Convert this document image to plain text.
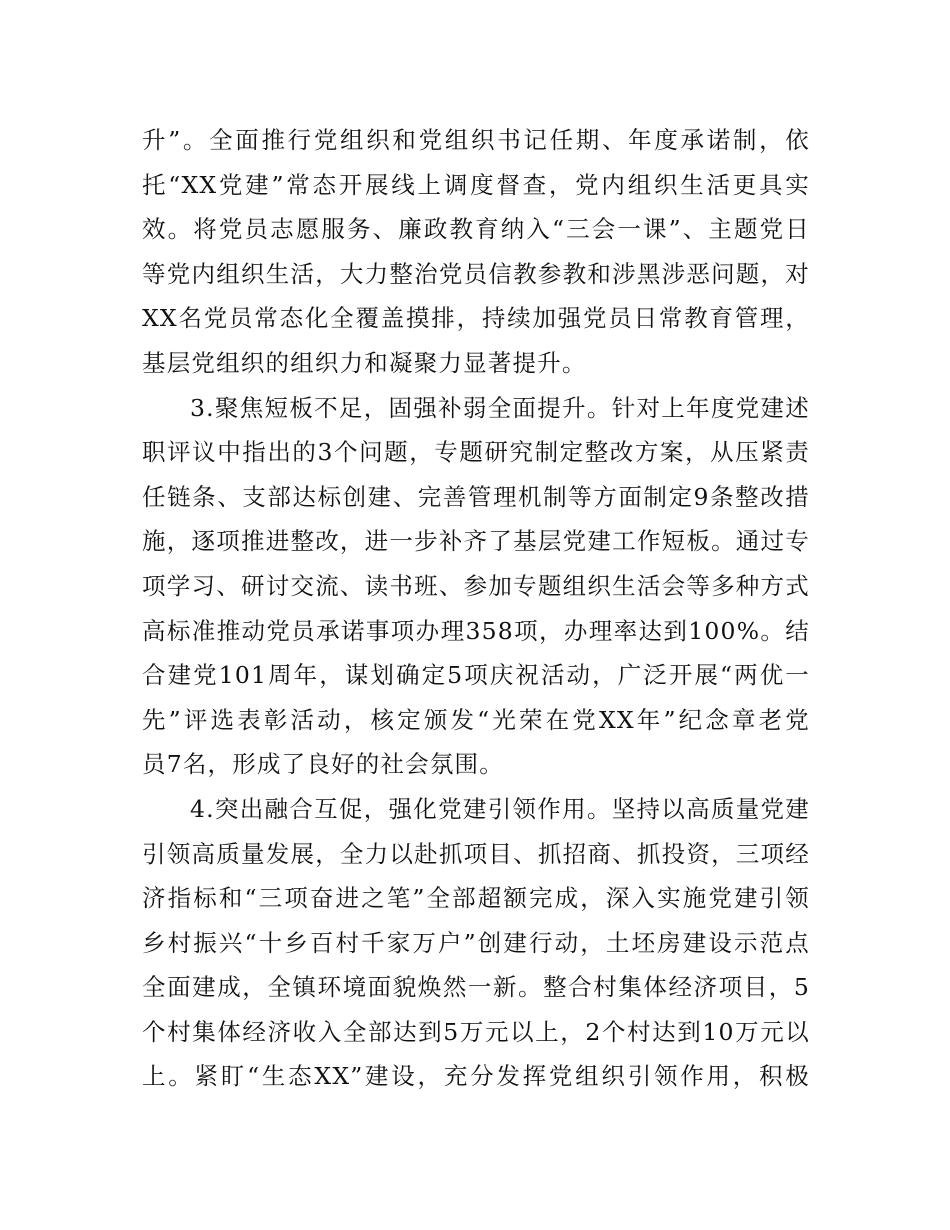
升”。全面推行党组织和党组织书记任期、年度承诺制，依
托“XX党建”常态开展线上调度督查，党内组织生活更具实
效。将党员志愿服务、廉政教育纳入“三会一课”、主题党日
等党内组织生活，大力整治党员信教参教和涉黑涉恶问题，对
XX名党员常态化全覆盖摸排，持续加强党员日常教育管理，
基层党组织的组织力和凝聚力显著提升。

3.聚焦短板不足，固强补弱全面提升。针对上年度党建述
职评议中指出的3个问题，专题研究制定整改方案，从压紧责
任链条、支部达标创建、完善管理机制等方面制定9条整改措
施，逐项推进整改，进一步补齐了基层党建工作短板。通过专
项学习、研讨交流、读书班、参加专题组织生活会等多种方式
高标准推动党员承诺事项办理358项，办理率达到100%。结
合建党101周年，谋划确定5项庆祝活动，广泛开展“两优一
先”评选表彰活动，核定颁发“光荣在党XX年”纪念章老党
员7名，形成了良好的社会氛围。

4.突出融合互促，强化党建引领作用。坚持以高质量党建
引领高质量发展，全力以赴抓项目、抓招商、抓投资，三项经
济指标和“三项奋进之笔”全部超额完成，深入实施党建引领
乡村振兴“十乡百村千家万户”创建行动，土坯房建设示范点
全面建成，全镇环境面貌焕然一新。整合村集体经济项目，5
个村集体经济收入全部达到5万元以上，2个村达到10万元以
上。紧盯“生态XX”建设，充分发挥党组织引领作用，积极
